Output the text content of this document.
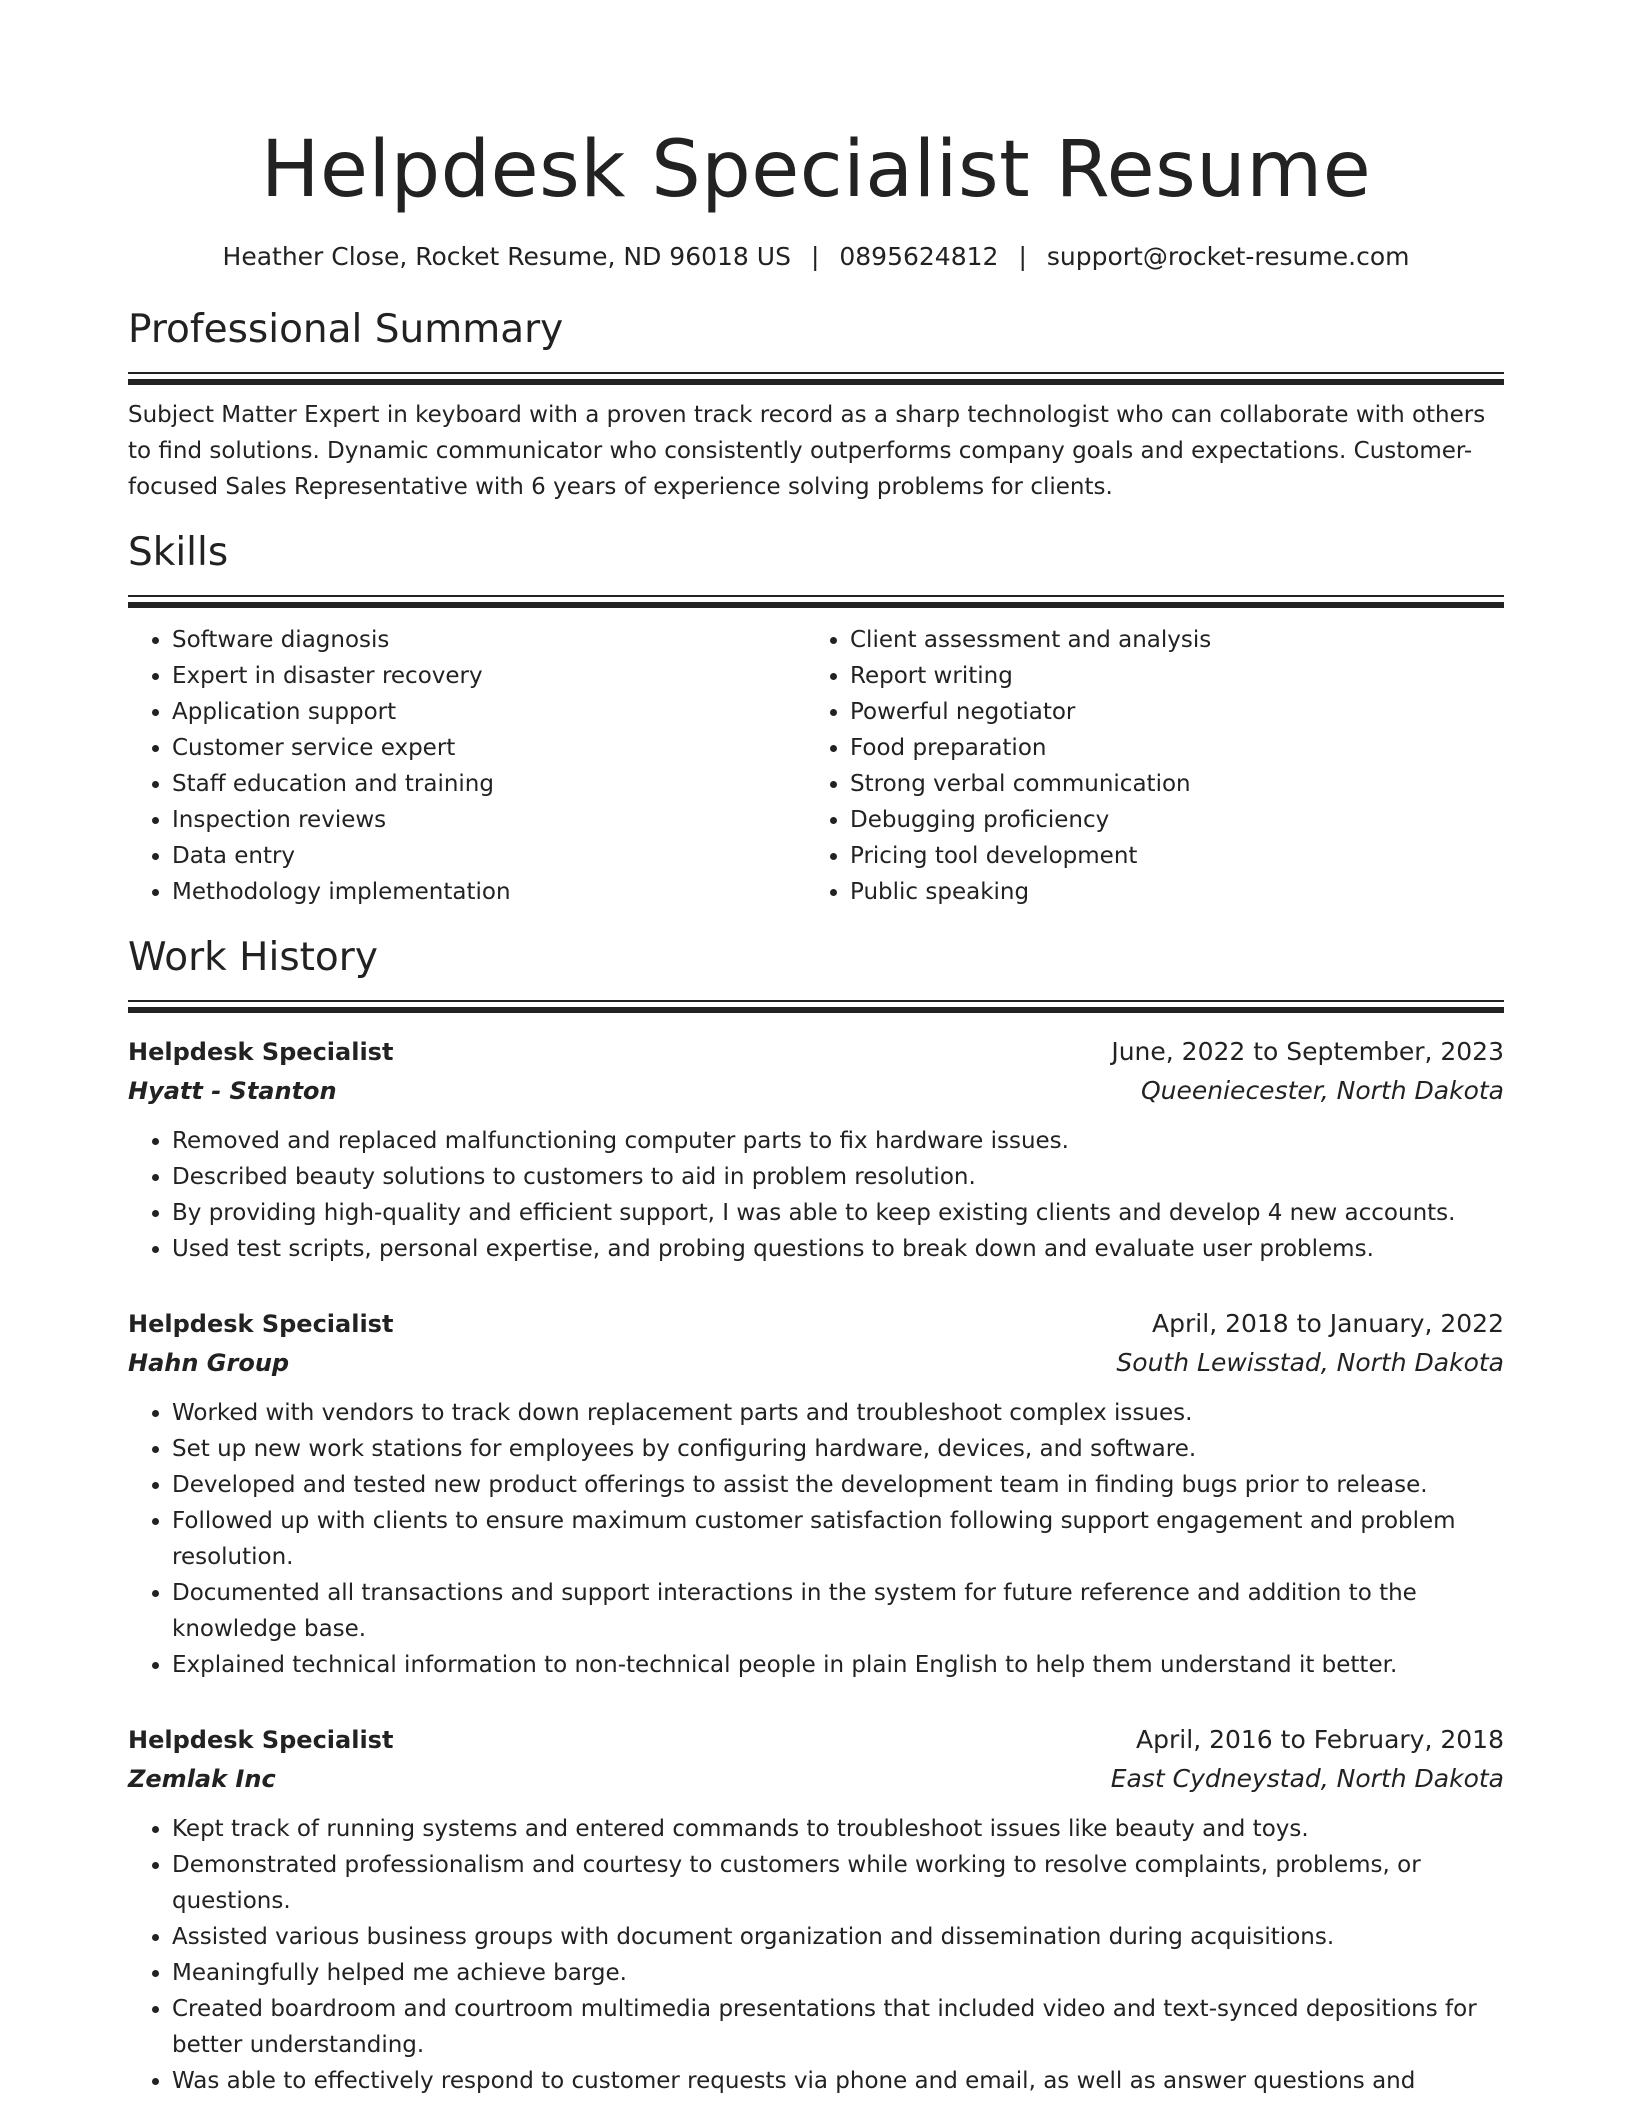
Helpdesk Specialist Resume
Heather Close, Rocket Resume, ND 96018 US | 0895624812 | support@rocket-resume.com
Professional Summary

Subject Matter Expert in keyboard with a proven track record as a sharp technologist who can collaborate with others to find solutions. Dynamic communicator who consistently outperforms company goals and expectations. Customer-focused Sales Representative with 6 years of experience solving problems for clients.

Skills
• Software diagnosis
• Expert in disaster recovery
• Application support
• Customer service expert
• Staff education and training
• Inspection reviews
• Data entry
• Methodology implementation
• Client assessment and analysis
• Report writing
• Powerful negotiator
• Food preparation
• Strong verbal communication
• Debugging proficiency
• Pricing tool development
• Public speaking
Work History
Helpdesk Specialist	June, 2022 to September, 2023
Hyatt - Stanton	Queeniecester, North Dakota
• Removed and replaced malfunctioning computer parts to fix hardware issues.
• Described beauty solutions to customers to aid in problem resolution.
• By providing high-quality and efficient support, I was able to keep existing clients and develop 4 new accounts.
• Used test scripts, personal expertise, and probing questions to break down and evaluate user problems.
Helpdesk Specialist	April, 2018 to January, 2022
Hahn Group	South Lewisstad, North Dakota
• Worked with vendors to track down replacement parts and troubleshoot complex issues.
• Set up new work stations for employees by configuring hardware, devices, and software.
• Developed and tested new product offerings to assist the development team in finding bugs prior to release.
• Followed up with clients to ensure maximum customer satisfaction following support engagement and problem resolution.
• Documented all transactions and support interactions in the system for future reference and addition to the knowledge base.
• Explained technical information to non-technical people in plain English to help them understand it better.
Helpdesk Specialist	April, 2016 to February, 2018
Zemlak Inc	East Cydneystad, North Dakota
• Kept track of running systems and entered commands to troubleshoot issues like beauty and toys.
• Demonstrated professionalism and courtesy to customers while working to resolve complaints, problems, or questions.
• Assisted various business groups with document organization and dissemination during acquisitions.
• Meaningfully helped me achieve barge.
• Created boardroom and courtroom multimedia presentations that included video and text-synced depositions for better understanding.
• Was able to effectively respond to customer requests via phone and email, as well as answer questions and
